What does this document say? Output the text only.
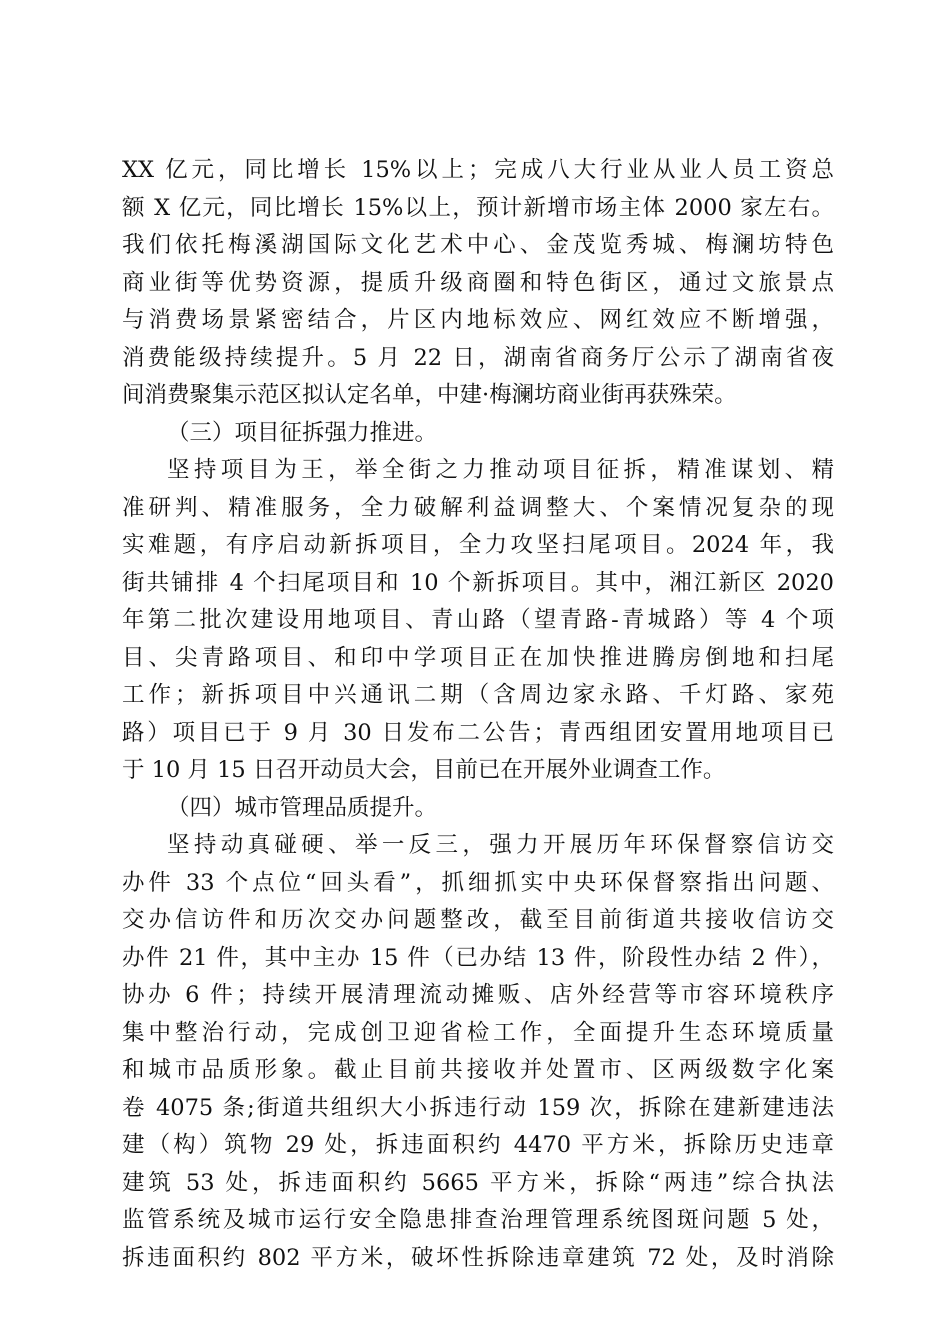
XX 亿元，同比增长 15%以上；完成八大行业从业人员工资总
额 X 亿元，同比增长 15%以上，预计新增市场主体 2000 家左右。
我们依托梅溪湖国际文化艺术中心、金茂览秀城、梅澜坊特色
商业街等优势资源，提质升级商圈和特色街区，通过文旅景点
与消费场景紧密结合，片区内地标效应、网红效应不断增强，
消费能级持续提升。5 月 22 日，湖南省商务厅公示了湖南省夜
间消费聚集示范区拟认定名单，中建·梅澜坊商业街再获殊荣。
（三）项目征拆强力推进。
坚持项目为王，举全街之力推动项目征拆，精准谋划、精
准研判、精准服务，全力破解利益调整大、个案情况复杂的现
实难题，有序启动新拆项目，全力攻坚扫尾项目。2024 年，我
街共铺排 4 个扫尾项目和 10 个新拆项目。其中，湘江新区 2020
年第二批次建设用地项目、青山路（望青路-青城路）等 4 个项
目、尖青路项目、和印中学项目正在加快推进腾房倒地和扫尾
工作；新拆项目中兴通讯二期（含周边家永路、千灯路、家苑
路）项目已于 9 月 30 日发布二公告；青西组团安置用地项目已
于 10 月 15 日召开动员大会，目前已在开展外业调查工作。
（四）城市管理品质提升。
坚持动真碰硬、举一反三，强力开展历年环保督察信访交
办件 33 个点位“回头看”，抓细抓实中央环保督察指出问题、
交办信访件和历次交办问题整改，截至目前街道共接收信访交
办件 21 件，其中主办 15 件（已办结 13 件，阶段性办结 2 件），
协办 6 件；持续开展清理流动摊贩、店外经营等市容环境秩序
集中整治行动，完成创卫迎省检工作，全面提升生态环境质量
和城市品质形象。截止目前共接收并处置市、区两级数字化案
卷 4075 条;街道共组织大小拆违行动 159 次，拆除在建新建违法
建（构）筑物 29 处，拆违面积约 4470 平方米，拆除历史违章
建筑 53 处，拆违面积约 5665 平方米，拆除“两违”综合执法
监管系统及城市运行安全隐患排查治理管理系统图斑问题 5 处，
拆违面积约 802 平方米，破坏性拆除违章建筑 72 处，及时消除
